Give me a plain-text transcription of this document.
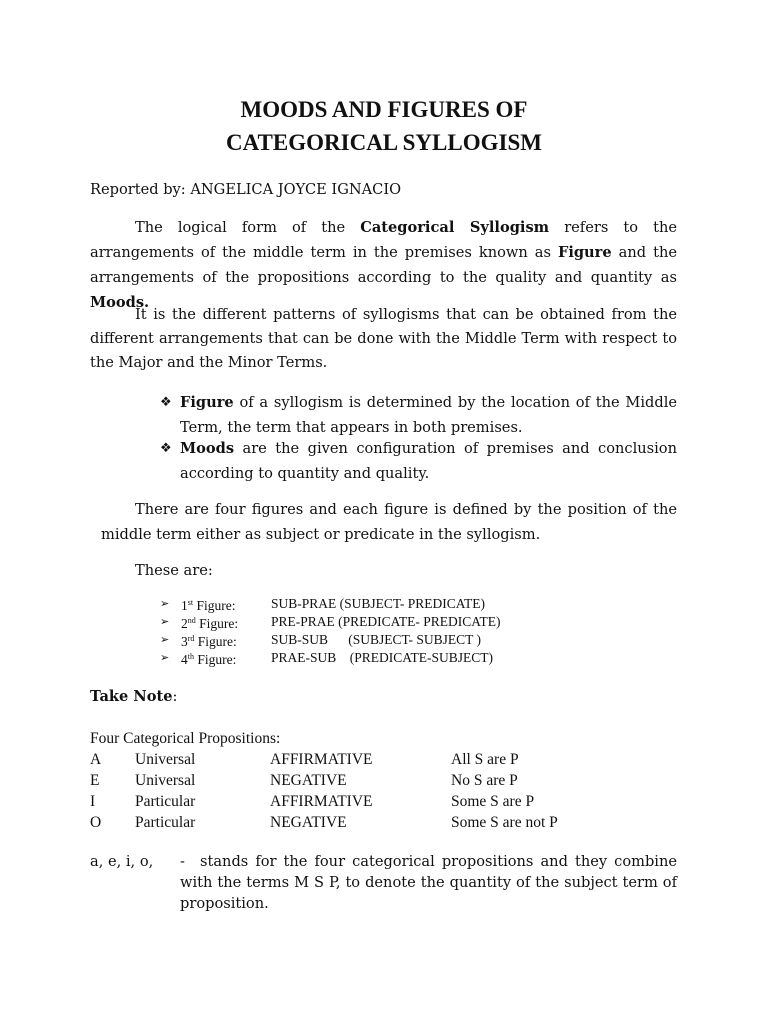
MOODS AND FIGURES OF
CATEGORICAL SYLLOGISM
Reported by: ANGELICA JOYCE IGNACIO
The logical form of the Categorical Syllogism refers to the arrangements of the middle term in the premises known as Figure and the arrangements of the propositions according to the quality and quantity as Moods.
It is the different patterns of syllogisms that can be obtained from the different arrangements that can be done with the Middle Term with respect to the Major and the Minor Terms.
❖ Figure of a syllogism is determined by the location of the Middle Term, the term that appears in both premises.
❖ Moods are the given configuration of premises and conclusion according to quantity and quality.
There are four figures and each figure is defined by the position of the middle term either as subject or predicate in the syllogism.
These are:
➢ 1st Figure:	SUB-PRAE (SUBJECT- PREDICATE)
➢ 2nd Figure:	PRE-PRAE (PREDICATE- PREDICATE)
➢ 3rd Figure:	SUB-SUB      (SUBJECT- SUBJECT )
➢ 4th Figure:	PRAE-SUB    (PREDICATE-SUBJECT)
Take Note:
Four Categorical Propositions:
A Universal	AFFIRMATIVE	All S are P
E Universal	NEGATIVE	No S are P
I	Particular	AFFIRMATIVE	Some S are P
O Particular	NEGATIVE	Some S are not P
a, e, i, o, -	stands for the four categorical propositions and they combine with the terms M S P, to denote the quantity of the subject term of proposition.
